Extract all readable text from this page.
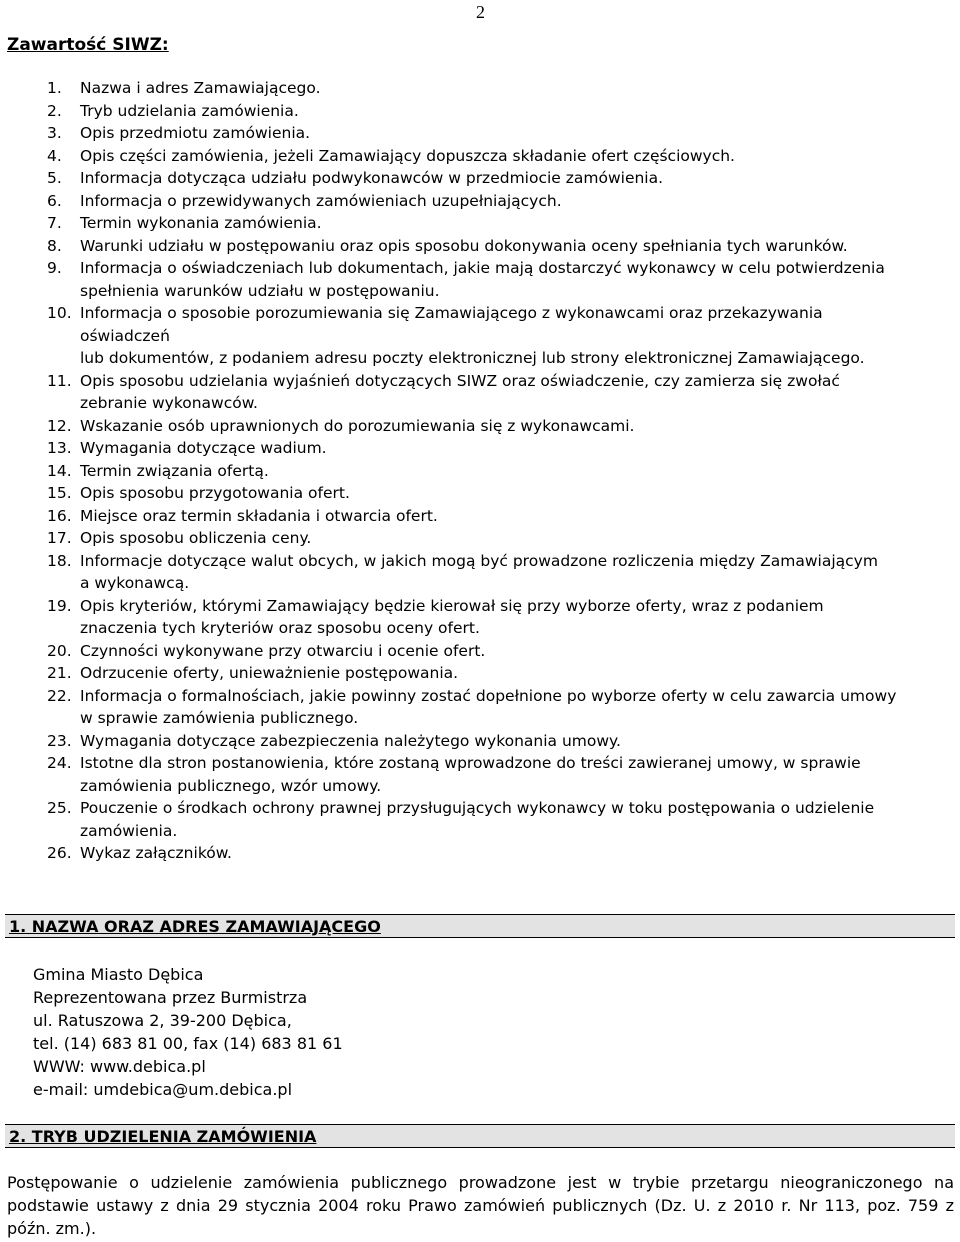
2
Zawartość SIWZ:
1. Nazwa i adres Zamawiającego.
2. Tryb udzielania zamówienia.
3. Opis przedmiotu zamówienia.
4. Opis części zamówienia, jeżeli Zamawiający dopuszcza składanie ofert częściowych.
5. Informacja dotycząca udziału podwykonawców w przedmiocie zamówienia.
6. Informacja o przewidywanych zamówieniach uzupełniających.
7. Termin wykonania zamówienia.
8. Warunki udziału w postępowaniu oraz opis sposobu dokonywania oceny spełniania tych warunków.
9. Informacja o oświadczeniach lub dokumentach, jakie mają dostarczyć wykonawcy w celu potwierdzenia
spełnienia warunków udziału w postępowaniu.
10. Informacja o sposobie porozumiewania się Zamawiającego z wykonawcami oraz przekazywania
oświadczeń
lub dokumentów, z podaniem adresu poczty elektronicznej lub strony elektronicznej Zamawiającego.
11. Opis sposobu udzielania wyjaśnień dotyczących SIWZ oraz oświadczenie, czy zamierza się zwołać
zebranie wykonawców.
12. Wskazanie osób uprawnionych do porozumiewania się z wykonawcami.
13. Wymagania dotyczące wadium.
14. Termin związania ofertą.
15. Opis sposobu przygotowania ofert.
16. Miejsce oraz termin składania i otwarcia ofert.
17. Opis sposobu obliczenia ceny.
18. Informacje dotyczące walut obcych, w jakich mogą być prowadzone rozliczenia między Zamawiającym
a wykonawcą.
19. Opis kryteriów, którymi Zamawiający będzie kierował się przy wyborze oferty, wraz z podaniem
znaczenia tych kryteriów oraz sposobu oceny ofert.
20. Czynności wykonywane przy otwarciu i ocenie ofert.
21. Odrzucenie oferty, unieważnienie postępowania.
22. Informacja o formalnościach, jakie powinny zostać dopełnione po wyborze oferty w celu zawarcia umowy
w sprawie zamówienia publicznego.
23. Wymagania dotyczące zabezpieczenia należytego wykonania umowy.
24. Istotne dla stron postanowienia, które zostaną wprowadzone do treści zawieranej umowy, w sprawie
zamówienia publicznego, wzór umowy.
25. Pouczenie o środkach ochrony prawnej przysługujących wykonawcy w toku postępowania o udzielenie
zamówienia.
26. Wykaz załączników.
1. NAZWA ORAZ ADRES ZAMAWIAJĄCEGO
Gmina Miasto Dębica
Reprezentowana przez Burmistrza
ul. Ratuszowa 2, 39-200 Dębica,
tel. (14) 683 81 00, fax (14) 683 81 61
WWW: www.debica.pl
e-mail: umdebica@um.debica.pl
2. TRYB UDZIELENIA ZAMÓWIENIA

Postępowanie o udzielenie zamówienia publicznego prowadzone jest w trybie przetargu nieograniczonego na podstawie ustawy z dnia 29 stycznia 2004 roku Prawo zamówień publicznych (Dz. U. z 2010 r. Nr 113, poz. 759 z późn. zm.).
